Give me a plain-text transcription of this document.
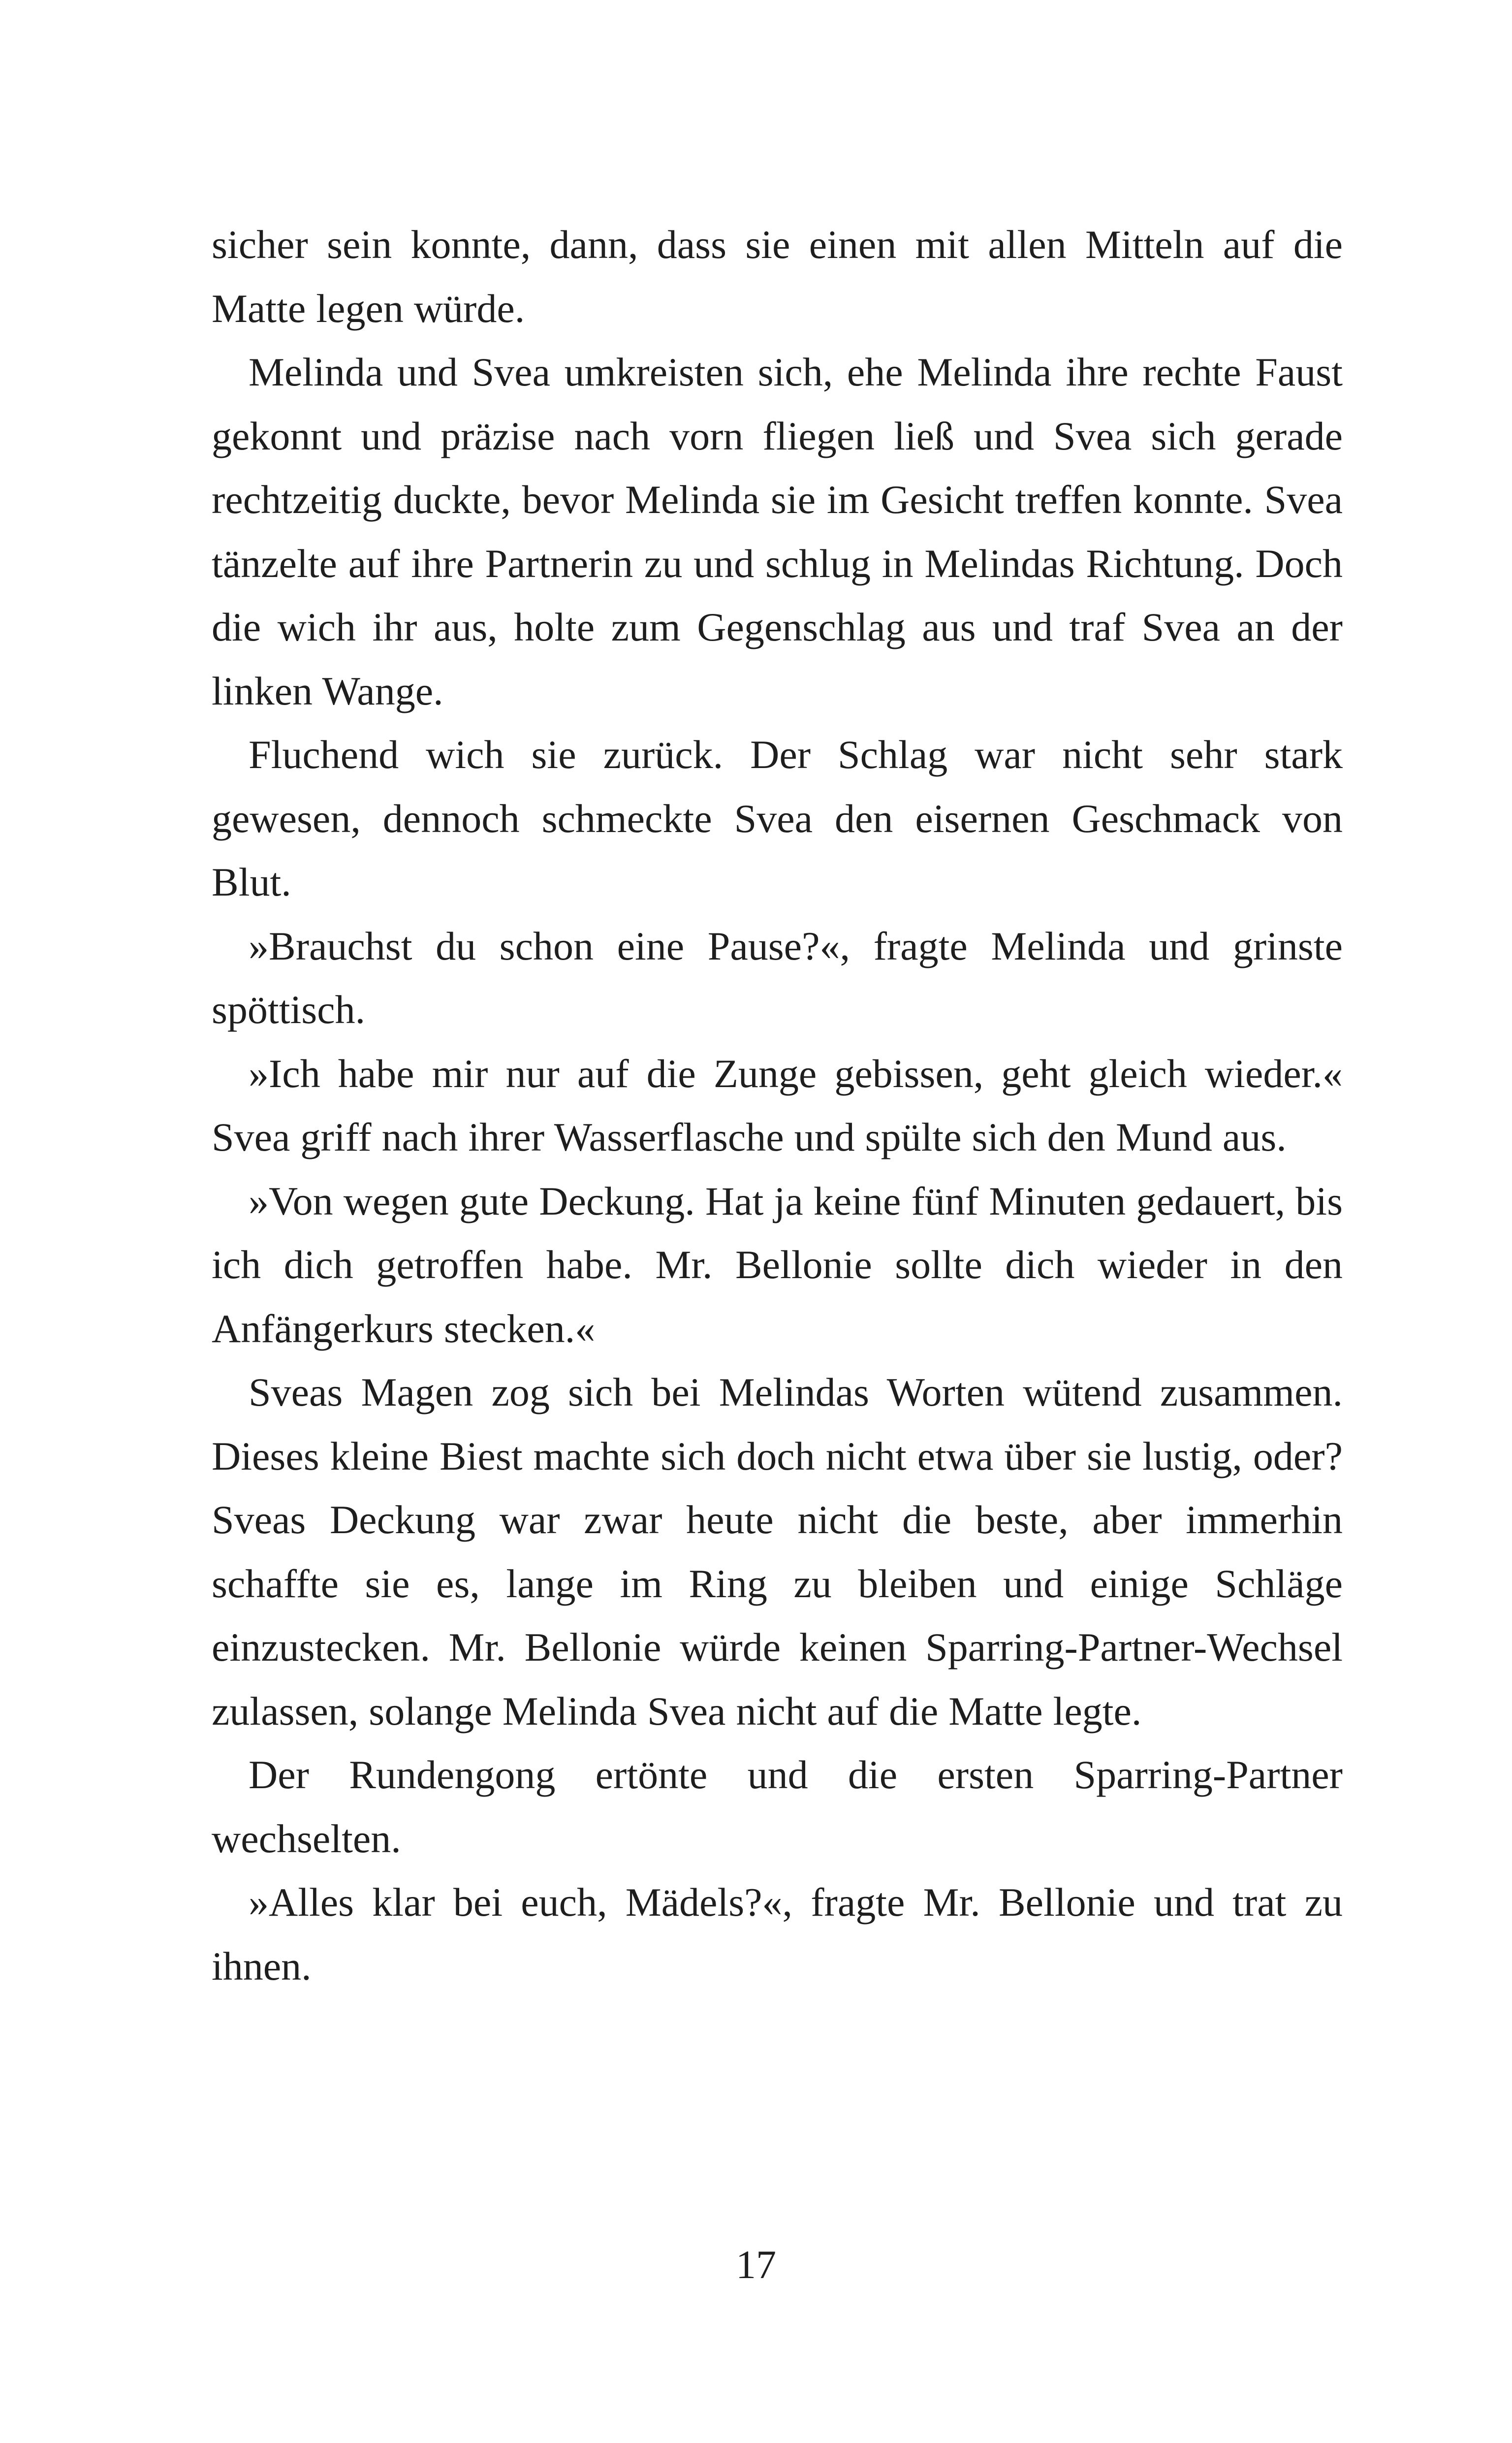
sicher sein konnte, dann, dass sie einen mit allen Mitteln auf die Matte legen würde.

Melinda und Svea umkreisten sich, ehe Melinda ihre rechte Faust gekonnt und präzise nach vorn fliegen ließ und Svea sich gerade rechtzeitig duckte, bevor Melinda sie im Gesicht treffen konnte. Svea tänzelte auf ihre Partnerin zu und schlug in Melindas Richtung. Doch die wich ihr aus, holte zum Gegenschlag aus und traf Svea an der linken Wange.

Fluchend wich sie zurück. Der Schlag war nicht sehr stark gewesen, dennoch schmeckte Svea den eisernen Geschmack von Blut.

»Brauchst du schon eine Pause?«, fragte Melinda und grinste spöttisch.

»Ich habe mir nur auf die Zunge gebissen, geht gleich wieder.« Svea griff nach ihrer Wasserflasche und spülte sich den Mund aus.

»Von wegen gute Deckung. Hat ja keine fünf Minuten gedauert, bis ich dich getroffen habe. Mr. Bellonie sollte dich wieder in den Anfängerkurs stecken.«

Sveas Magen zog sich bei Melindas Worten wütend zusammen. Dieses kleine Biest machte sich doch nicht etwa über sie lustig, oder? Sveas Deckung war zwar heute nicht die beste, aber immerhin schaffte sie es, lange im Ring zu bleiben und einige Schläge einzustecken. Mr. Bellonie würde keinen Sparring-Partner-Wechsel zulassen, solange Melinda Svea nicht auf die Matte legte.

Der Rundengong ertönte und die ersten Sparring-Partner wechselten.

»Alles klar bei euch, Mädels?«, fragte Mr. Bellonie und trat zu ihnen.

17
